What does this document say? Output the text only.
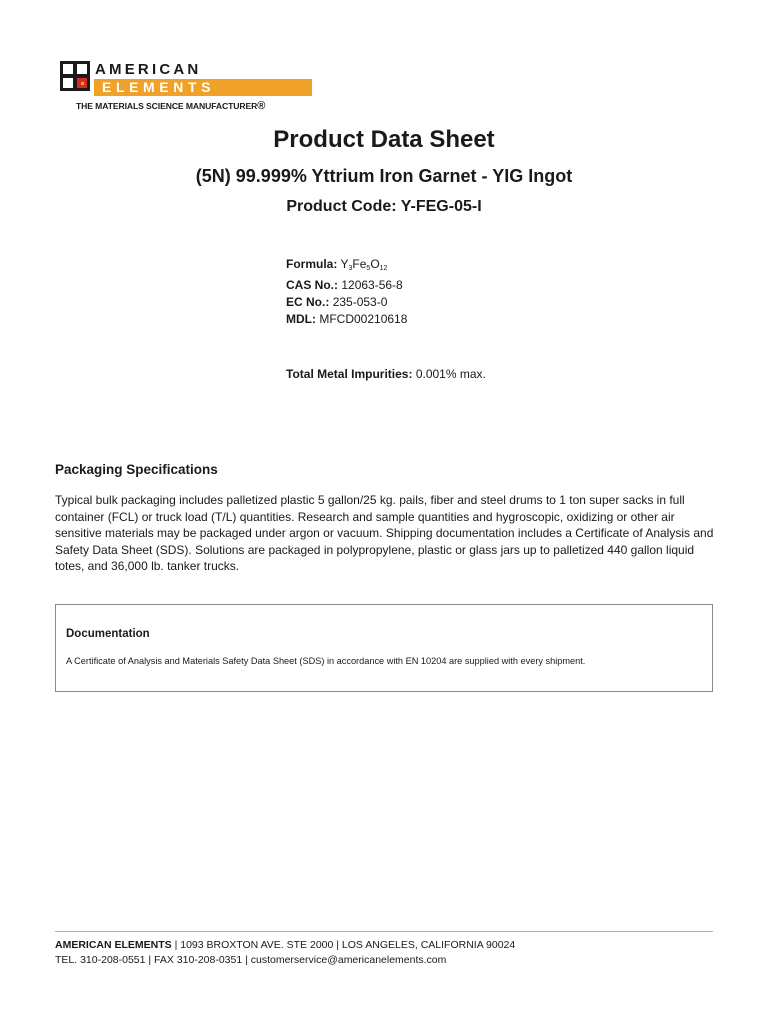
AMERICAN
ELEMENTS
THE MATERIALS SCIENCE MANUFACTURER®
Product Data Sheet
(5N) 99.999% Yttrium Iron Garnet - YIG Ingot
Product Code: Y-FEG-05-I
Formula: $Y_3Fe_5O_{12}$
CAS No.: 12063-56-8
EC No.: 235-053-0
MDL: MFCD00210618
Total Metal Impurities: 0.001% max.
Packaging Specifications
Typical bulk packaging includes palletized plastic 5 gallon/25 kg. pails, fiber and steel drums to 1 ton super sacks in full container (FCL) or truck load (T/L) quantities. Research and sample quantities and hygroscopic, oxidizing or other air sensitive materials may be packaged under argon or vacuum. Shipping documentation includes a Certificate of Analysis and Safety Data Sheet (SDS). Solutions are packaged in polypropylene, plastic or glass jars up to palletized 440 gallon liquid totes, and 36,000 lb. tanker trucks.
Documentation
A Certificate of Analysis and Materials Safety Data Sheet (SDS) in accordance with EN 10204 are supplied with every shipment.
AMERICAN ELEMENTS | 1093 BROXTON AVE. STE 2000 | LOS ANGELES, CALIFORNIA 90024
TEL. 310-208-0551 | FAX 310-208-0351 | customerservice@americanelements.com
